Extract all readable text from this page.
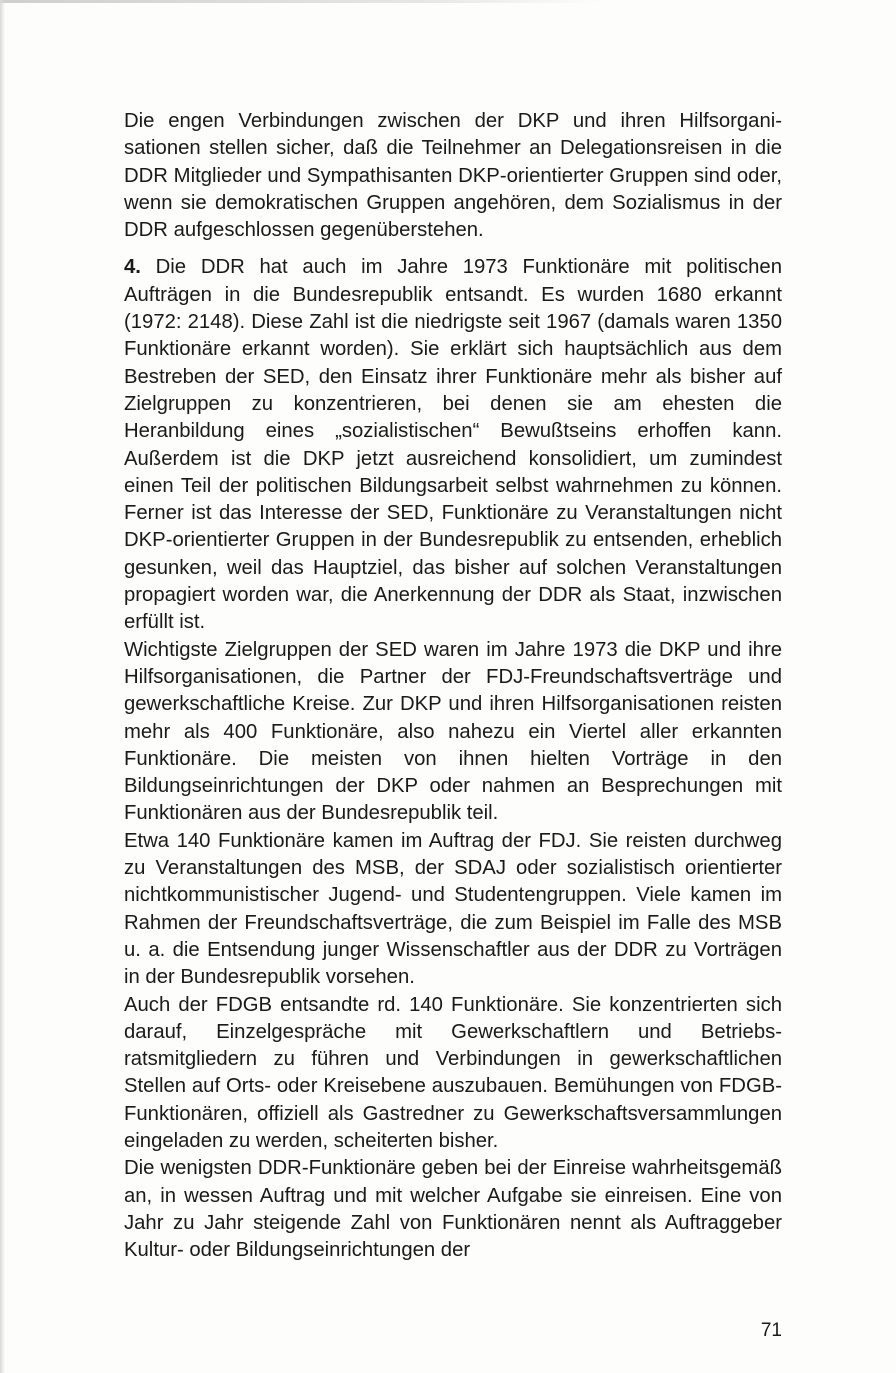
Die engen Verbindungen zwischen der DKP und ihren Hilfsorganisationen stellen sicher, daß die Teilnehmer an Delegationsreisen in die DDR Mitglieder und Sympathisanten DKP-orientierter Gruppen sind oder, wenn sie demokratischen Gruppen angehören, dem Sozialismus in der DDR aufgeschlossen gegenüberstehen.

4. Die DDR hat auch im Jahre 1973 Funktionäre mit politischen Aufträgen in die Bundesrepublik entsandt. Es wurden 1680 erkannt (1972: 2148). Diese Zahl ist die niedrigste seit 1967 (damals waren 1350 Funktionäre erkannt worden). Sie erklärt sich hauptsächlich aus dem Bestreben der SED, den Einsatz ihrer Funktionäre mehr als bisher auf Zielgruppen zu konzentrieren, bei denen sie am ehesten die Heranbildung eines „sozialistischen“ Bewußtseins erhoffen kann. Außerdem ist die DKP jetzt ausreichend konsolidiert, um zumindest einen Teil der politischen Bildungsarbeit selbst wahrnehmen zu können. Ferner ist das Interesse der SED, Funktionäre zu Veranstaltungen nicht DKP-orientierter Gruppen in der Bundesrepublik zu entsenden, erheblich gesunken, weil das Hauptziel, das bisher auf solchen Veranstaltungen propagiert worden war, die Anerkennung der DDR als Staat, inzwischen erfüllt ist.

Wichtigste Zielgruppen der SED waren im Jahre 1973 die DKP und ihre Hilfsorganisationen, die Partner der FDJ-Freundschaftsverträge und gewerkschaftliche Kreise. Zur DKP und ihren Hilfsorganisationen reisten mehr als 400 Funktionäre, also nahezu ein Viertel aller erkannten Funktionäre. Die meisten von ihnen hielten Vorträge in den Bildungseinrichtungen der DKP oder nahmen an Besprechungen mit Funktionären aus der Bundesrepublik teil.

Etwa 140 Funktionäre kamen im Auftrag der FDJ. Sie reisten durchweg zu Veranstaltungen des MSB, der SDAJ oder sozialistisch orientierter nichtkommunistischer Jugend- und Studentengruppen. Viele kamen im Rahmen der Freundschaftsverträge, die zum Beispiel im Falle des MSB u. a. die Entsendung junger Wissenschaftler aus der DDR zu Vorträgen in der Bundesrepublik vorsehen.

Auch der FDGB entsandte rd. 140 Funktionäre. Sie konzentrierten sich darauf, Einzelgespräche mit Gewerkschaftlern und Betriebsratsmitgliedern zu führen und Verbindungen in gewerkschaftlichen Stellen auf Orts- oder Kreisebene auszubauen. Bemühungen von FDGB-Funktionären, offiziell als Gastredner zu Gewerkschaftsversammlungen eingeladen zu werden, scheiterten bisher.

Die wenigsten DDR-Funktionäre geben bei der Einreise wahrheitsgemäß an, in wessen Auftrag und mit welcher Aufgabe sie einreisen. Eine von Jahr zu Jahr steigende Zahl von Funktionären nennt als Auftraggeber Kultur- oder Bildungseinrichtungen der

71
